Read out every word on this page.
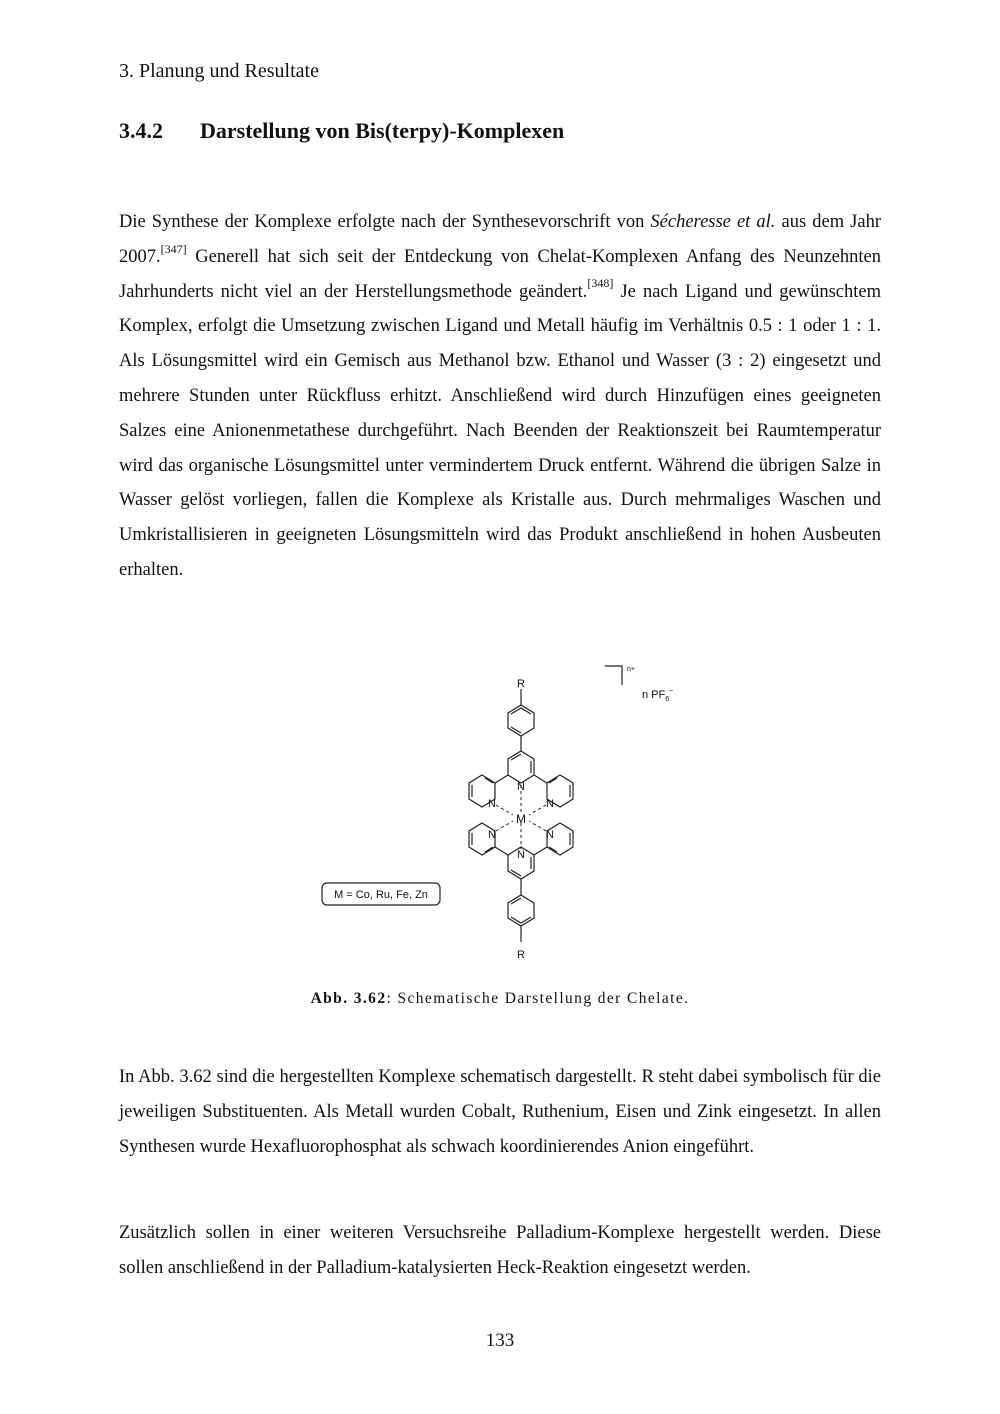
3. Planung und Resultate
3.4.2 Darstellung von Bis(terpy)-Komplexen

Die Synthese der Komplexe erfolgte nach der Synthesevorschrift von Sécheresse et al. aus dem Jahr 2007.[347] Generell hat sich seit der Entdeckung von Chelat-Komplexen Anfang des Neunzehnten Jahrhunderts nicht viel an der Herstellungsmethode geändert.[348] Je nach Ligand und gewünschtem Komplex, erfolgt die Umsetzung zwischen Ligand und Metall häufig im Verhältnis 0.5 : 1 oder 1 : 1. Als Lösungsmittel wird ein Gemisch aus Methanol bzw. Ethanol und Wasser (3 : 2) eingesetzt und mehrere Stunden unter Rückfluss erhitzt. Anschließend wird durch Hinzufügen eines geeigneten Salzes eine Anionenmetathese durchgeführt. Nach Beenden der Reaktionszeit bei Raumtemperatur wird das organische Lösungsmittel unter vermindertem Druck entfernt. Während die übrigen Salze in Wasser gelöst vorliegen, fallen die Komplexe als Kristalle aus. Durch mehrmaliges Waschen und Umkristallisieren in geeigneten Lösungsmitteln wird das Produkt anschließend in hohen Ausbeuten erhalten.

R
R
n+
n $PF_6^-$
N
N	N
M
N	N
N
M = Co, Ru, Fe, Zn
Abb. 3.62: Schematische Darstellung der Chelate.

In Abb. 3.62 sind die hergestellten Komplexe schematisch dargestellt. R steht dabei symbolisch für die jeweiligen Substituenten. Als Metall wurden Cobalt, Ruthenium, Eisen und Zink eingesetzt. In allen Synthesen wurde Hexafluorophosphat als schwach koordinierendes Anion eingeführt.

Zusätzlich sollen in einer weiteren Versuchsreihe Palladium-Komplexe hergestellt werden. Diese sollen anschließend in der Palladium-katalysierten Heck-Reaktion eingesetzt werden.

133
